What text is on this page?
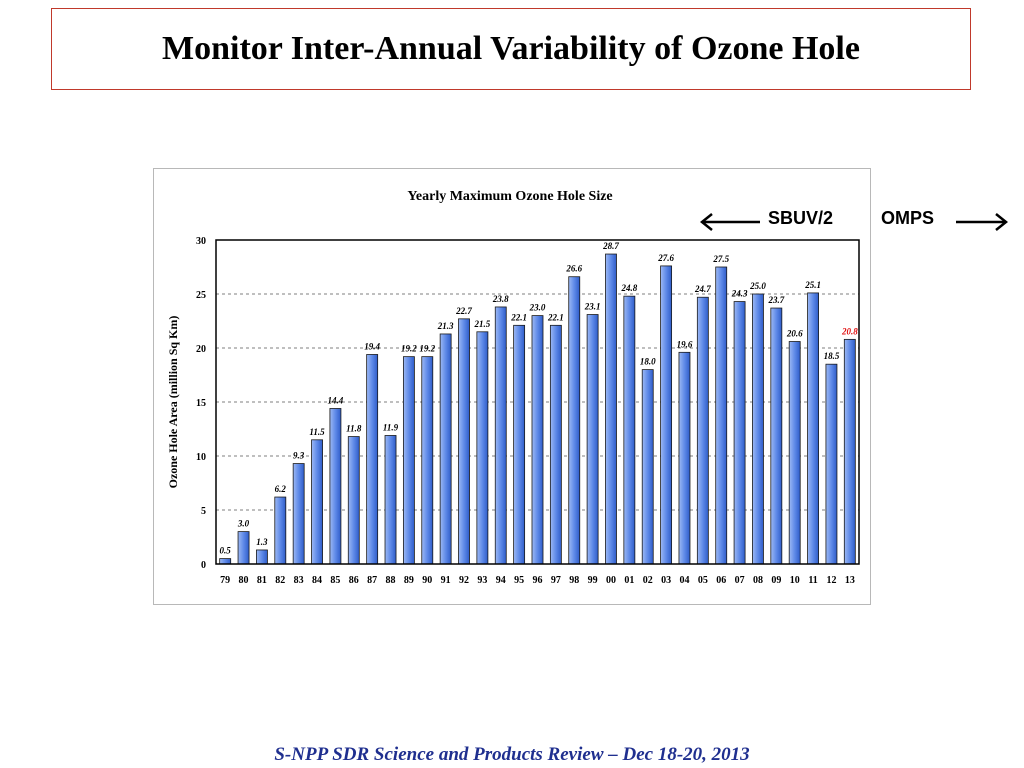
Monitor Inter-Annual Variability of Ozone Hole
Yearly Maximum Ozone Hole Size
Ozone Hole Area (million Sq Km)
0
5
10
15
20
25
30
0.5
3.0
1.3
6.2
9.3
11.5
14.4
11.8
19.4
11.9
19.2 19.2
21.3
22.7
21.5
23.8
22.1
23.0
22.1
26.6
23.1
28.7
24.8
18.0
27.6
19.6
24.7
27.5
24.3
25.0
23.7
20.6
25.1
18.5
20.8
79 80 81 82 83 84 85 86 87 88 89 90 91 92 93 94 95 96 97 98 99 00 01 02 03 04 05 06 07 08 09 10 11 12 13
SBUV/2	OMPS
S-NPP SDR Science and Products Review – Dec 18-20, 2013
